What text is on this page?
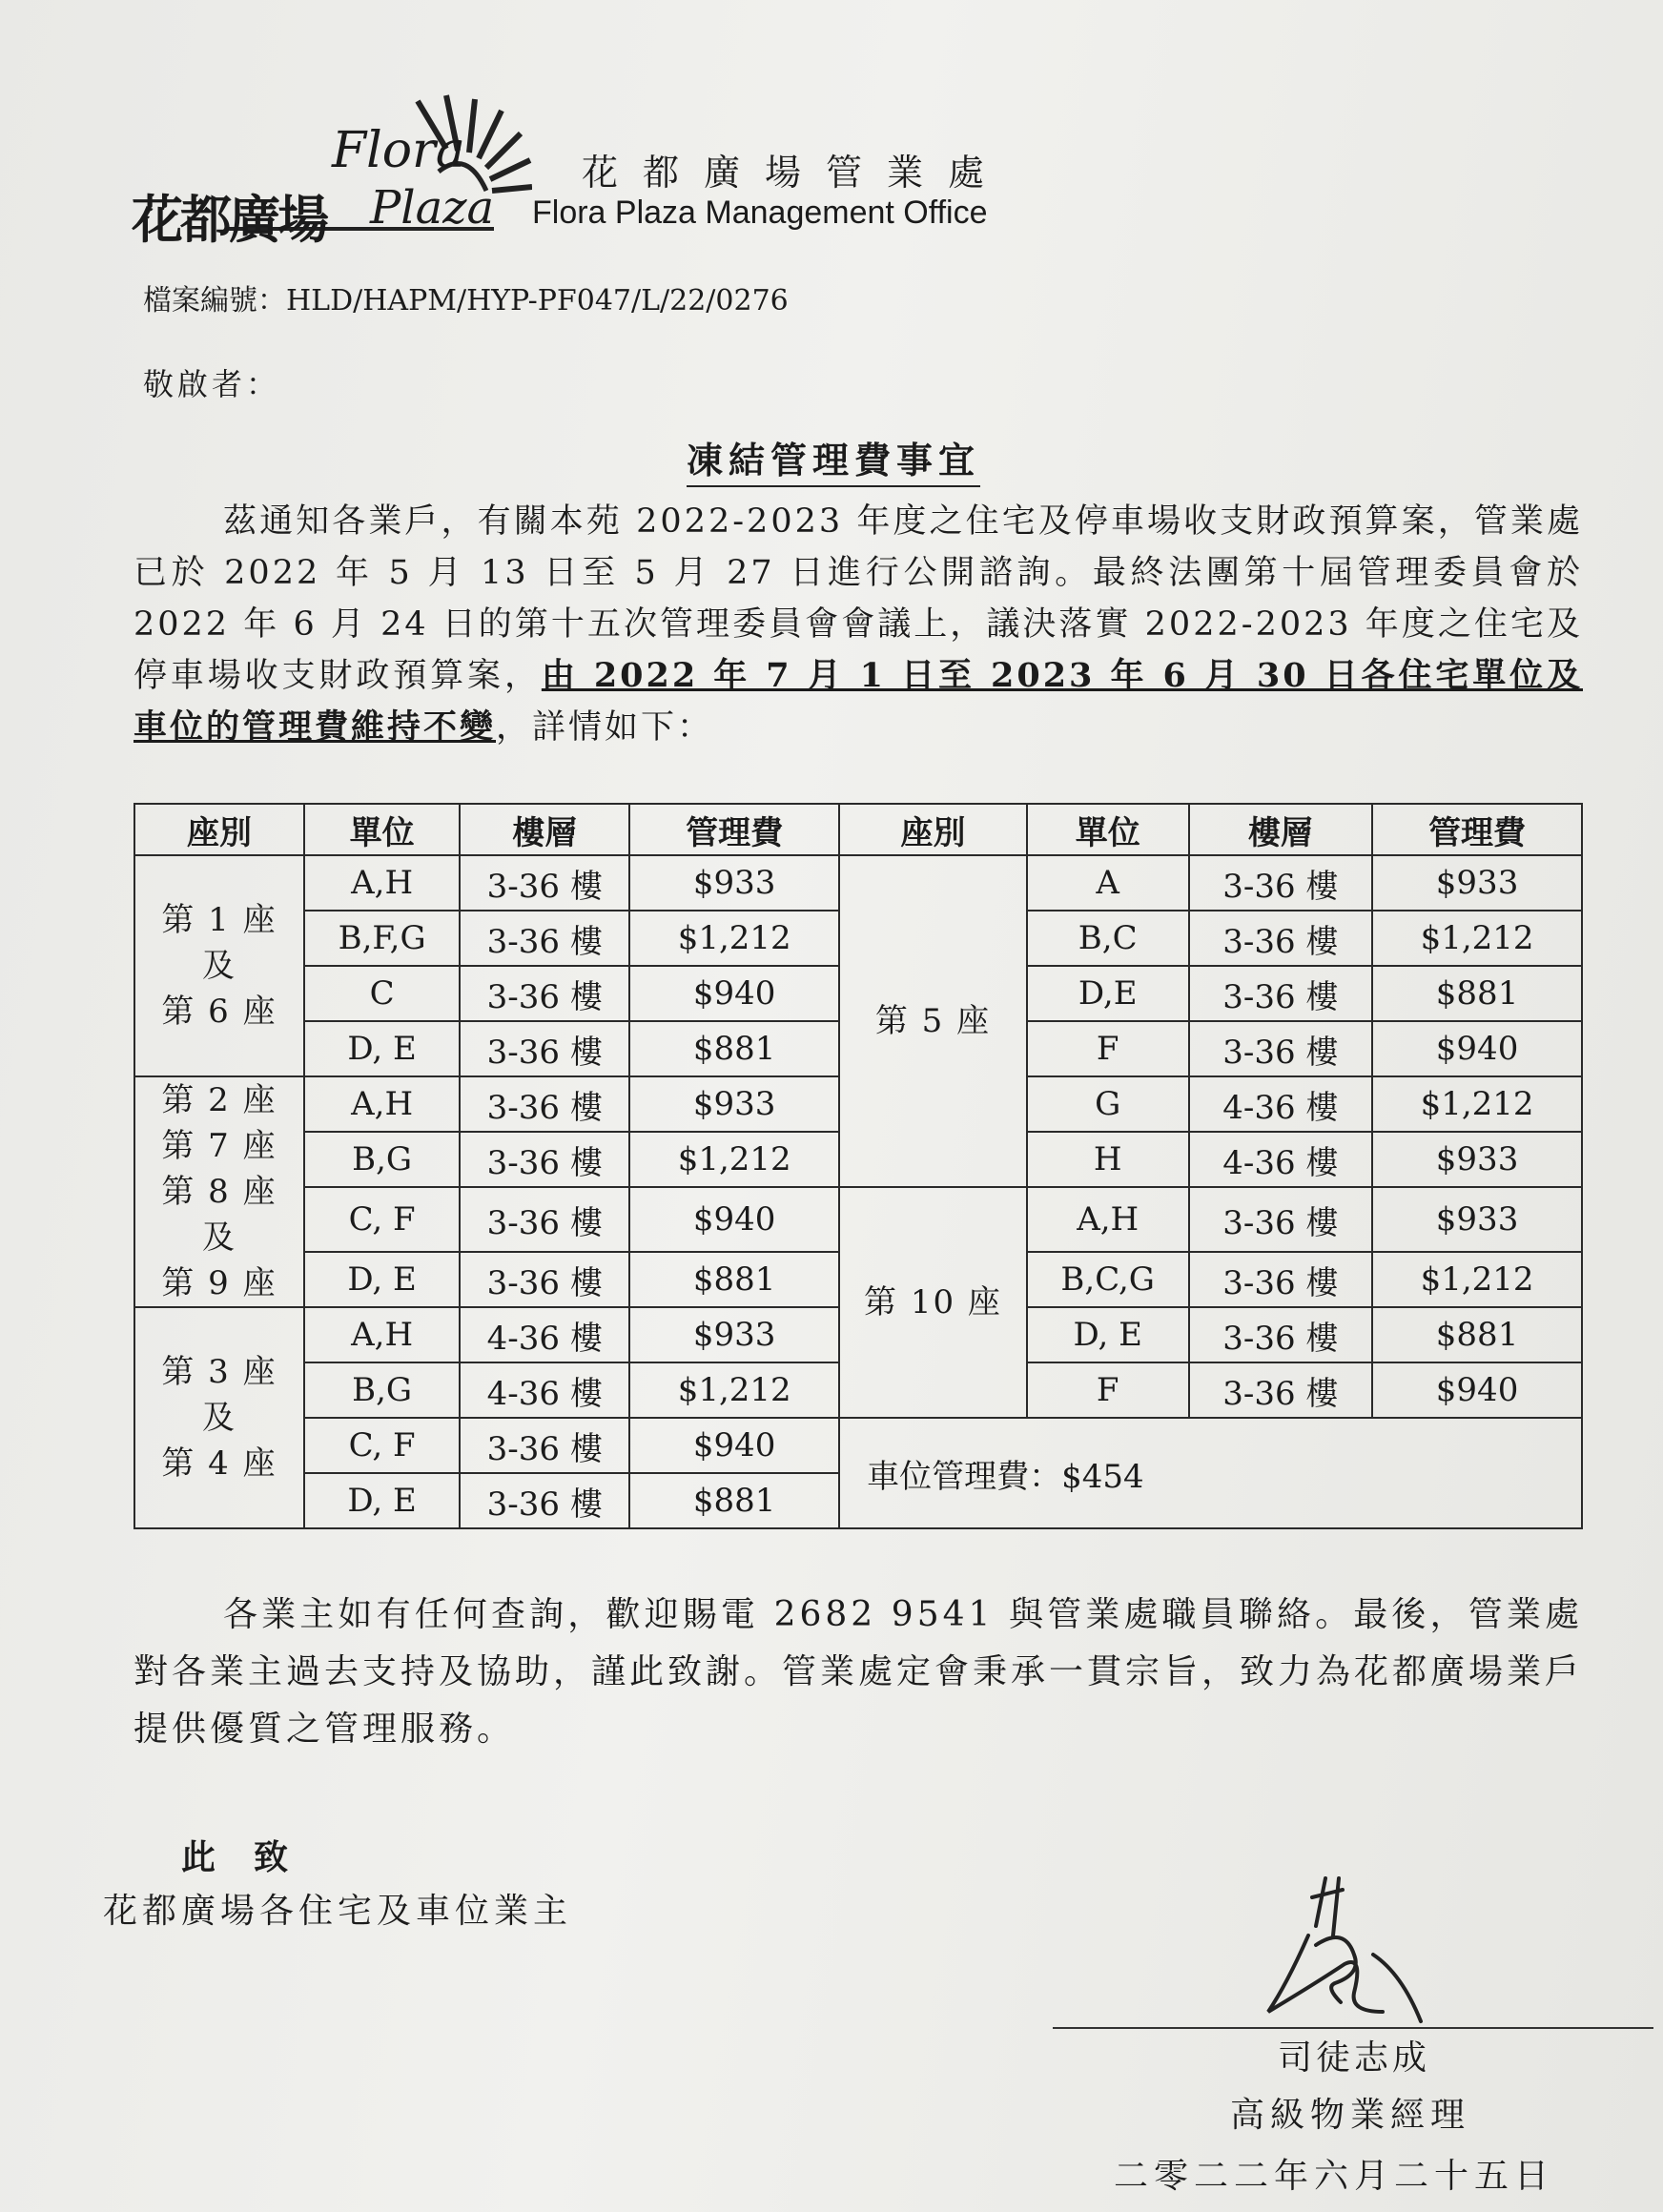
花都廣場
Flora
Plaza
花都廣場管業處
Flora Plaza Management Office
檔案編號：HLD/HAPM/HYP-PF047/L/22/0276
敬啟者：
凍結管理費事宜
茲通知各業戶，有關本苑 2022-2023 年度之住宅及停車場收支財政預算案，管業處已於 2022 年 5 月 13 日至 5 月 27 日進行公開諮詢。最終法團第十屆管理委員會於 2022 年 6 月 24 日的第十五次管理委員會會議上，議決落實 2022-2023 年度之住宅及停車場收支財政預算案，由 2022 年 7 月 1 日至 2023 年 6 月 30 日各住宅單位及車位的管理費維持不變，詳情如下：
座別	單位	樓層	管理費	座別	單位	樓層	管理費
第 1 座
及
第 6 座	A,H	3-36 樓	$933	第 5 座	A	3-36 樓	$933
	B,F,G	3-36 樓	$1,212		B,C	3-36 樓	$1,212
	C	3-36 樓	$940		D,E	3-36 樓	$881
	D, E	3-36 樓	$881		F	3-36 樓	$940
第 2 座
第 7 座
第 8 座
及
第 9 座	A,H	3-36 樓	$933		G	4-36 樓	$1,212
	B,G	3-36 樓	$1,212		H	4-36 樓	$933
	C, F	3-36 樓	$940	第 10 座	A,H	3-36 樓	$933
	D, E	3-36 樓	$881		B,C,G	3-36 樓	$1,212
第 3 座
及
第 4 座	A,H	4-36 樓	$933		D, E	3-36 樓	$881
	B,G	4-36 樓	$1,212		F	3-36 樓	$940
	C, F	3-36 樓	$940	車位管理費：$454			
	D, E	3-36 樓	$881				
各業主如有任何查詢，歡迎賜電 2682 9541 與管業處職員聯絡。最後，管業處對各業主過去支持及協助，謹此致謝。管業處定會秉承一貫宗旨，致力為花都廣場業戶提供優質之管理服務。
此致
花都廣場各住宅及車位業主
司徒志成
高級物業經理
二零二二年六月二十五日
